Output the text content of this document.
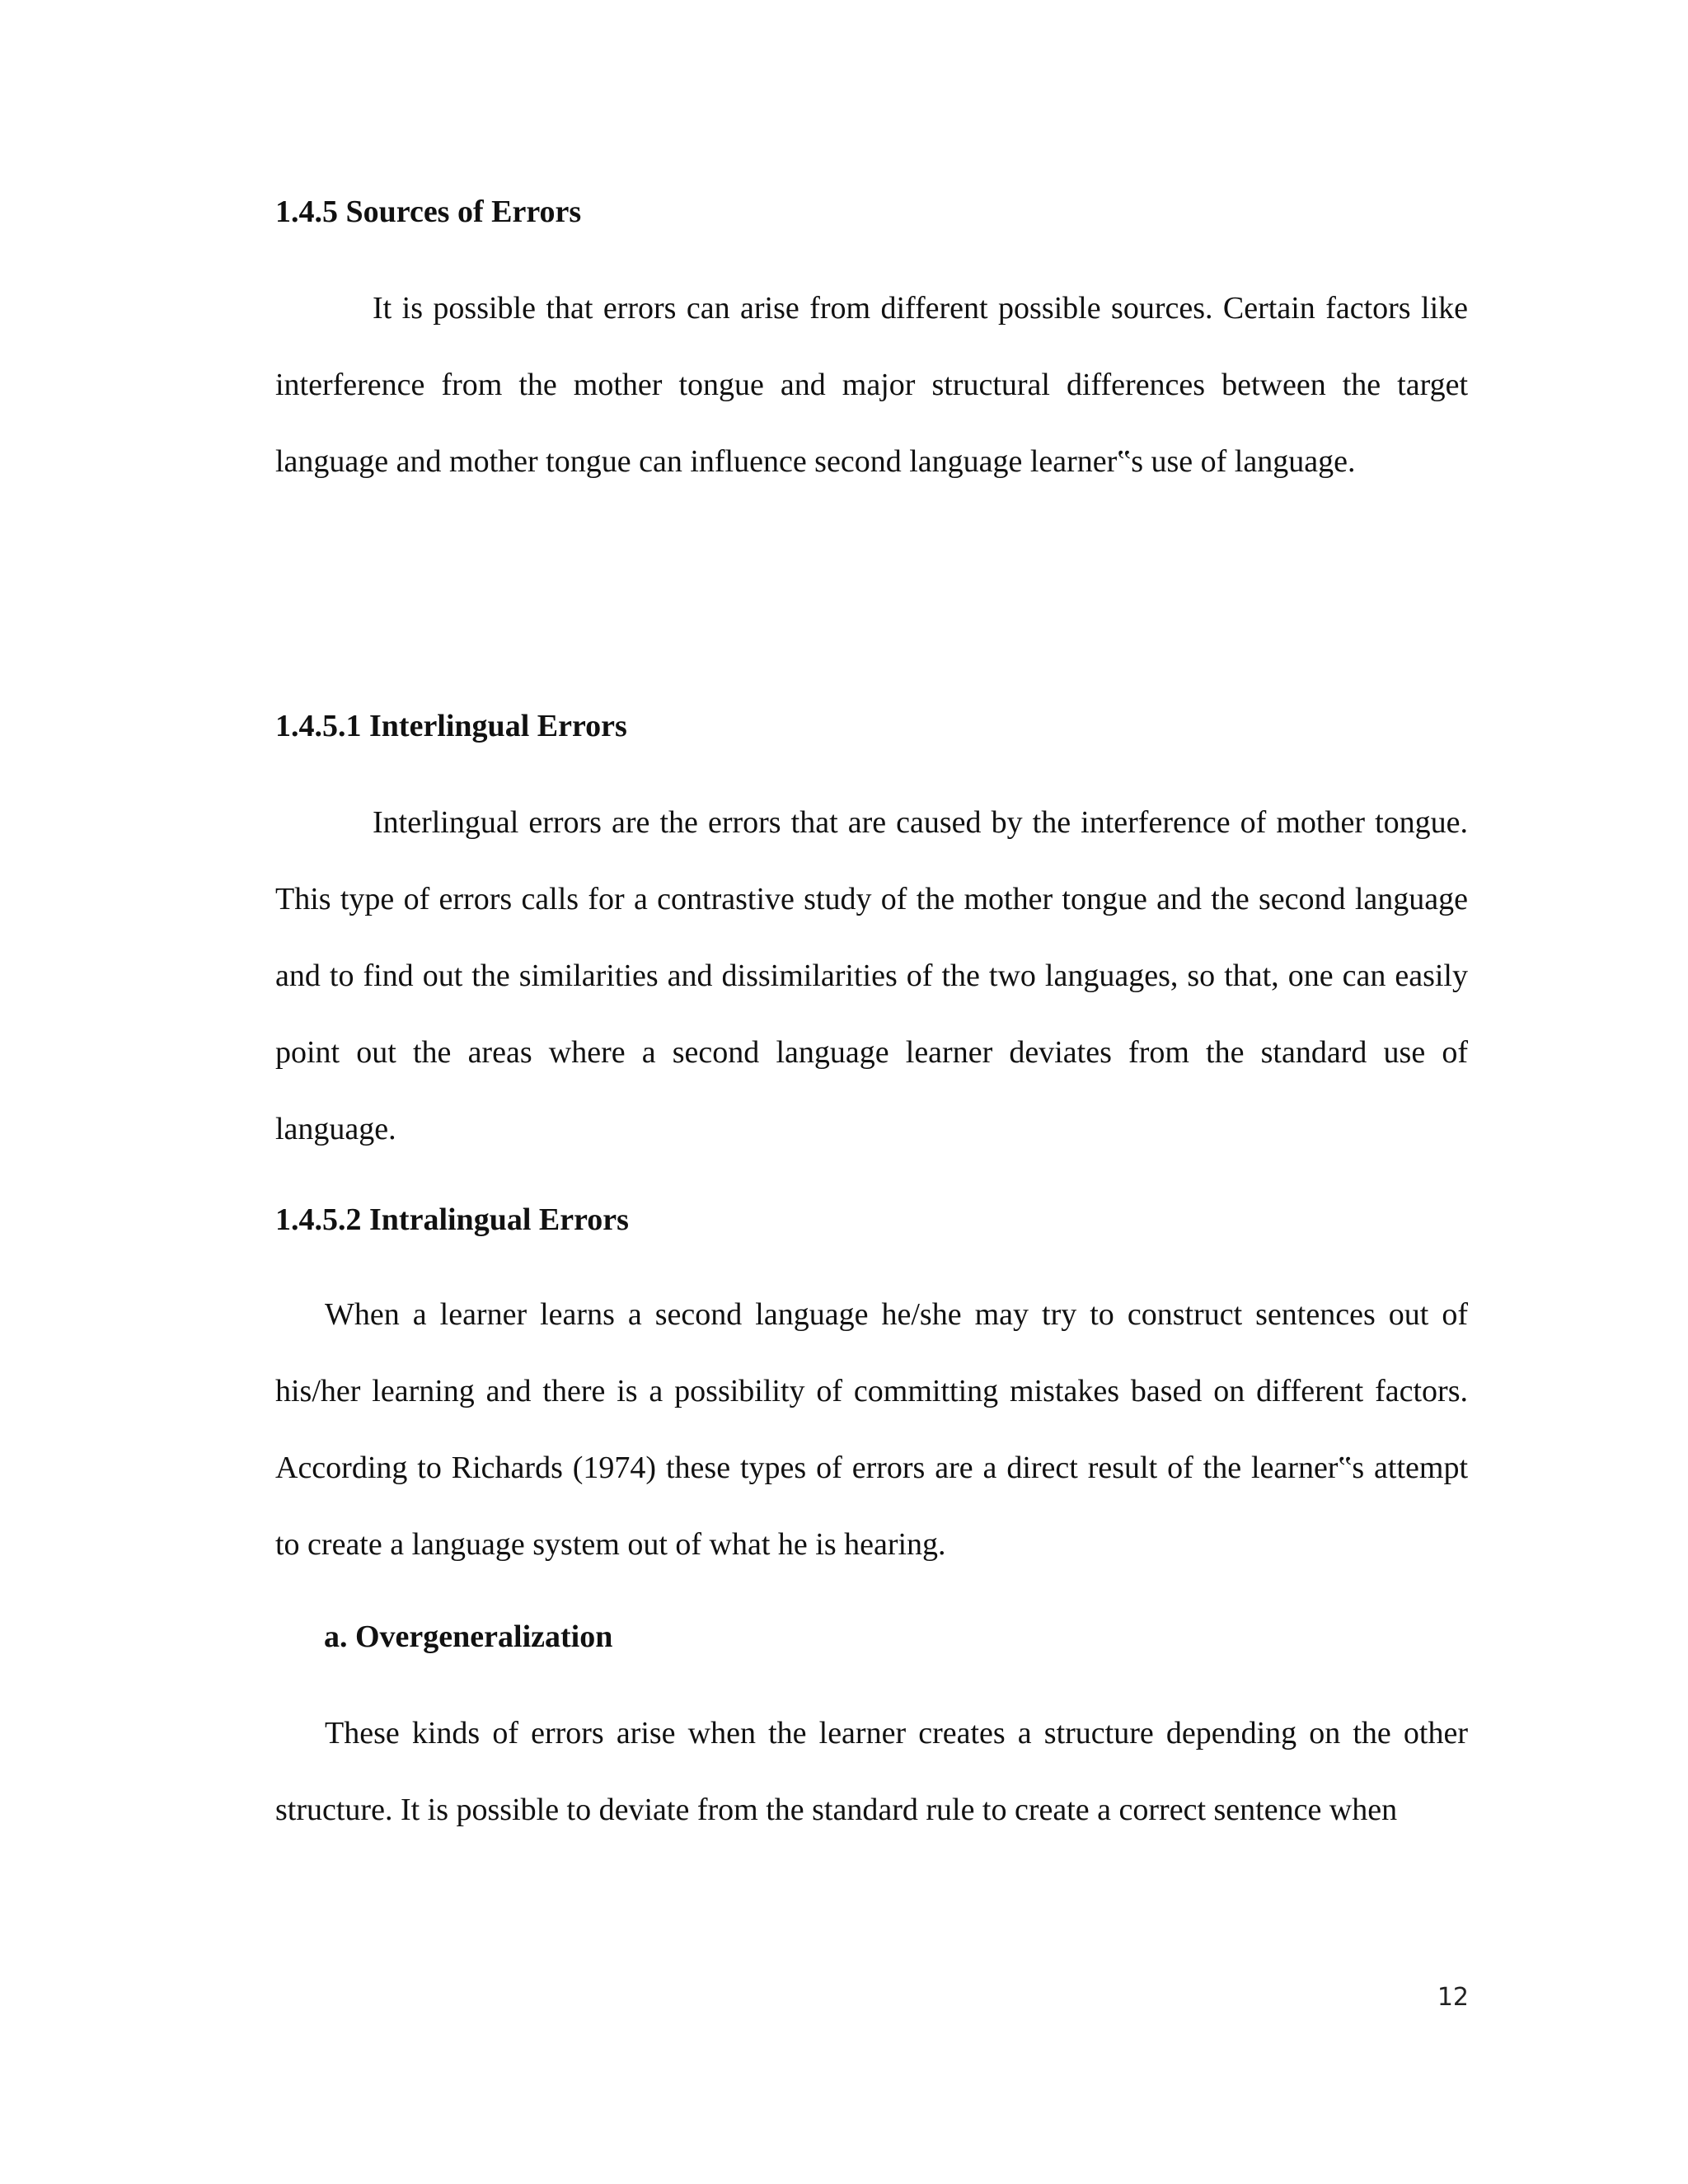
1.4.5 Sources of Errors

It is possible that errors can arise from different possible sources. Certain factors like interference from the mother tongue and major structural differences between the target language and mother tongue can influence second language learner‟s use of language.

1.4.5.1 Interlingual Errors

Interlingual errors are the errors that are caused by the interference of mother tongue. This type of errors calls for a contrastive study of the mother tongue and the second language and to find out the similarities and dissimilarities of the two languages, so that, one can easily point out the areas where a second language learner deviates from the standard use of language.

1.4.5.2 Intralingual Errors

When a learner learns a second language he/she may try to construct sentences out of his/her learning and there is a possibility of committing mistakes based on different factors. According to Richards (1974) these types of errors are a direct result of the learner‟s attempt to create a language system out of what he is hearing.

a. Overgeneralization

These kinds of errors arise when the learner creates a structure depending on the other structure. It is possible to deviate from the standard rule to create a correct sentence when

12
